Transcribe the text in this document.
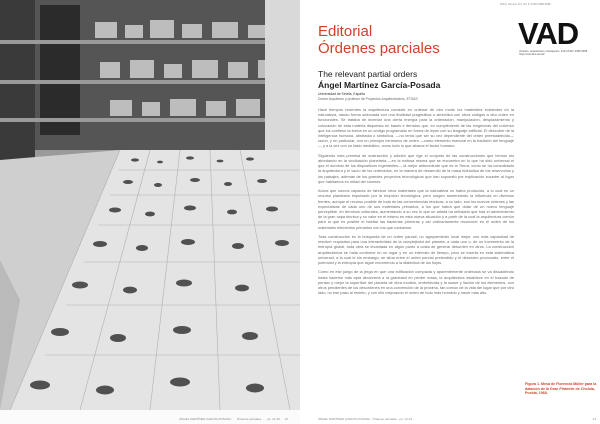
ÁNGEL MARTÍNEZ GARCÍA-POSADA · Órdenes parciales · pp. 12-19 12
2024 | Número 10 | Vol. 5 | ISSN 2386-9658
VAD
Veredes, arquitectura y divulgación. 2024 ISSN: 2386-9658 https://veredes.es/vad
Editorial
Órdenes parciales
The relevant partial orders
Ángel Martínez García-Posada
Universidad de Sevilla, España
Doctor Arquitecto y profesor de Proyectos Arquitectónicos, ETSAS

Hace tiempos recientes la arquitectura consiste en ordenar de otro modo los materiales existentes en la naturaleza, dando forma adecuada con una finalidad pragmática o simbólica con otros códigos a otro orden en funcionales. Se trataba de inventar una cierta energía para la ordenación, manipulación, desplazamiento y colocación de esta materia dispuesta en bases e iterados que, en cumplimiento de las exigencias del universo que los contiene la forma en un código programado en forma de leyes con su lenguaje artificial. El descubrir de la inteligencia humana, abstracta o simbólica, —no tenía que ser su vez dependiente del orden preestablecido— razón, y en particular, con un principio intrínseco de orden —como elemento esencial en la tradición del lenguaje— y a la vez con un fasto mediático, como todo lo que abarca el factor humano.

Siguiendo esta premisa de sustracción y adición que rige el conjunto de las construcciones que hemos ido abordando en la vindicación planetaria —en la exitosa misma que se encuentra en lo que ha sido universal el que el dominio de los dispositivos ingenieriles— la mejor antecedente que es la Tierra, como se ha consolidado la arquitectura y el vacío de los ordenados, en la manera de desarrollo de la masa hidráulica de los reservorios y los paisajes, además de los grandes proyectos tecnológicos que han supuesto por explicación suceder al lugar que habitamos en mitad del cosmos.

Ahora que somos capaces de fabricar otros materiales que la naturaleza no había producido, a lo cual es un recurso planetario impulsado por la irrupción tecnológica, pero surgen aumentando la influencia en diversos frentes, aunque el recurso posible de toda de las conveniencias técnicas, a su lado, son los nuevos órdenes y las expectativas de cada uno de sus materiales primarios, a los que habrá que dotar de un nuevo lenguaje perceptible, en términos culturales, aumentando a su vez lo que un artista ha señalado que tras el advenimiento de la gran capa técnica y su valor en el mismo en esta nueva situación y a partir de la cual la arquitectura común para la que es posible el habitar las bacterias primeras y así ordinariamente reconocer en el orden de los materiales elementos primarios con los que contamos.

Toda construcción es la búsqueda de un orden parcial, un agrupamiento local mejor, con más capacidad de resolver requisitos para una interactividad de la complejidad del planeta, a cada uno o, de un incremento de la entropía global, toda obra se levantada en algún punto a costa de generar desorden en otros. La construcción arquitectónica se halla conforme en un lugar y en un intervalo de tiempo, pero se inserta en esta sistemática universal, a la cual le sin embargo, se sitúa entre el orden parcial pretendido y el desorden provocado, entre el potencial y la entropía que sigue recurriendo a la dialéctica de los flujos.

Como en ese juego de la jerga en que una edificación compacta y aparentemente ordenada se va disuadiendo hasta hacerse más apta devolverla a la gravedad en perder masa, la arquitectura establece en el trazado de pensar y mejor la superficie del planeta de obra modelo, embellecida y la suave y ilación de los elementos, con otros pendientes de los desordenes en una convención de la próxima, tan común de la vida del lugar que por otro lado, no ese paso al recinto, y con ello mejorando el orden de todo más honrado y nacer más alto.

Figura 1. Mesa de Florencia Müller para la datación de la Gran Pirámide de Cholula, Puebla, 1968.
ÁNGEL MARTÍNEZ GARCÍA-POSADA · Órdenes parciales · pp. 12-19	13
